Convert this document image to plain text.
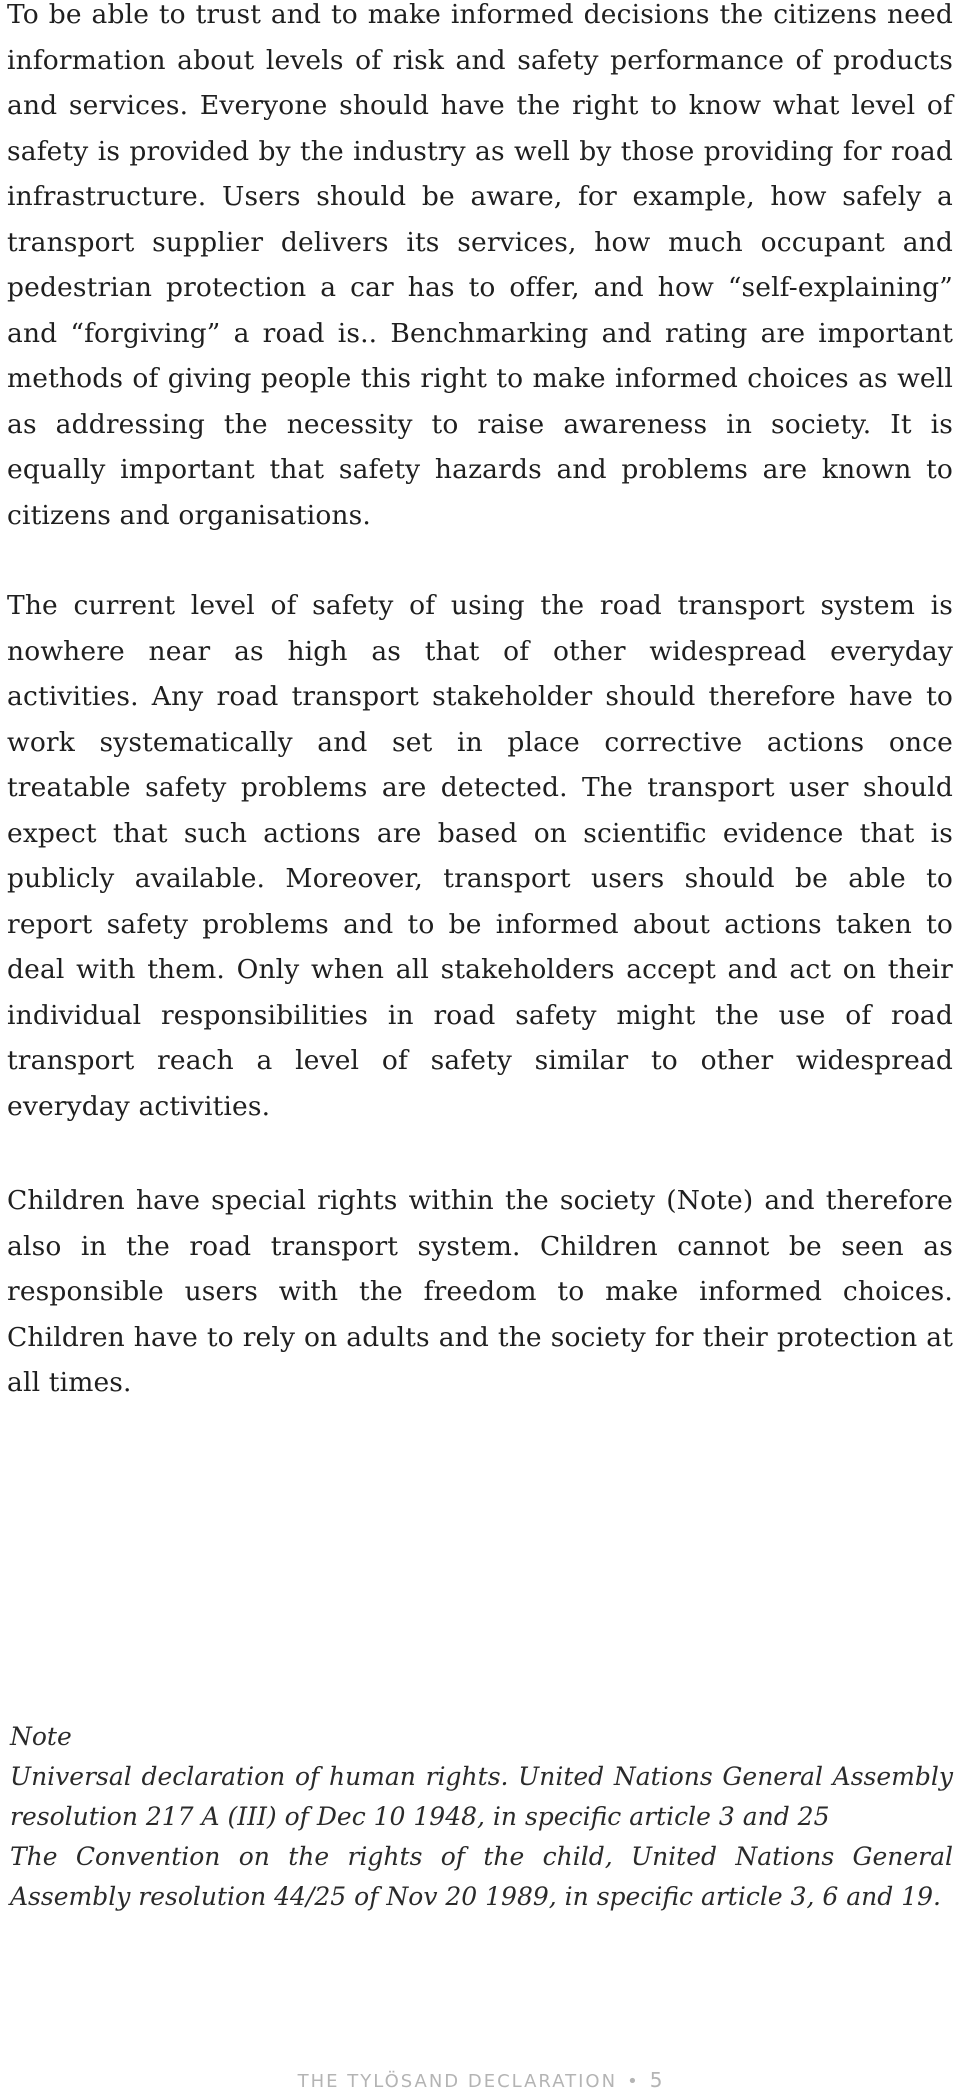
To be able to trust and to make informed decisions the citizens need information about levels of risk and safety performance of products and services. Everyone should have the right to know what level of safety is provided by the industry as well by those providing for road infrastructure. Users should be aware, for example, how safely a transport supplier delivers its services, how much occupant and pedestrian protection a car has to offer, and how “self-explaining” and “forgiving” a road is.. Benchmarking and rating are important methods of giving people this right to make informed choices as well as addressing the necessity to raise awareness in society. It is equally important that safety hazards and problems are known to citizens and organisations.

The current level of safety of using the road transport system is nowhere near as high as that of other widespread everyday activities. Any road transport stakeholder should therefore have to work systematically and set in place corrective actions once treatable safety problems are detected. The transport user should expect that such actions are based on scientific evidence that is publicly available. Moreover, transport users should be able to report safety problems and to be informed about actions taken to deal with them. Only when all stakeholders accept and act on their individual responsibilities in road safety might the use of road transport reach a level of safety similar to other widespread everyday activities.

Children have special rights within the society (Note) and therefore also in the road transport system. Children cannot be seen as responsible users with the freedom to make informed choices. Children have to rely on adults and the society for their protection at all times.

Note
Universal declaration of human rights. United Nations General Assembly resolution 217 A (III) of Dec 10 1948, in specific article 3 and 25
The Convention on the rights of the child, United Nations General Assembly resolution 44/25 of Nov 20 1989, in specific article 3, 6 and 19.
THE TYLÖSAND DECLARATION • 5
